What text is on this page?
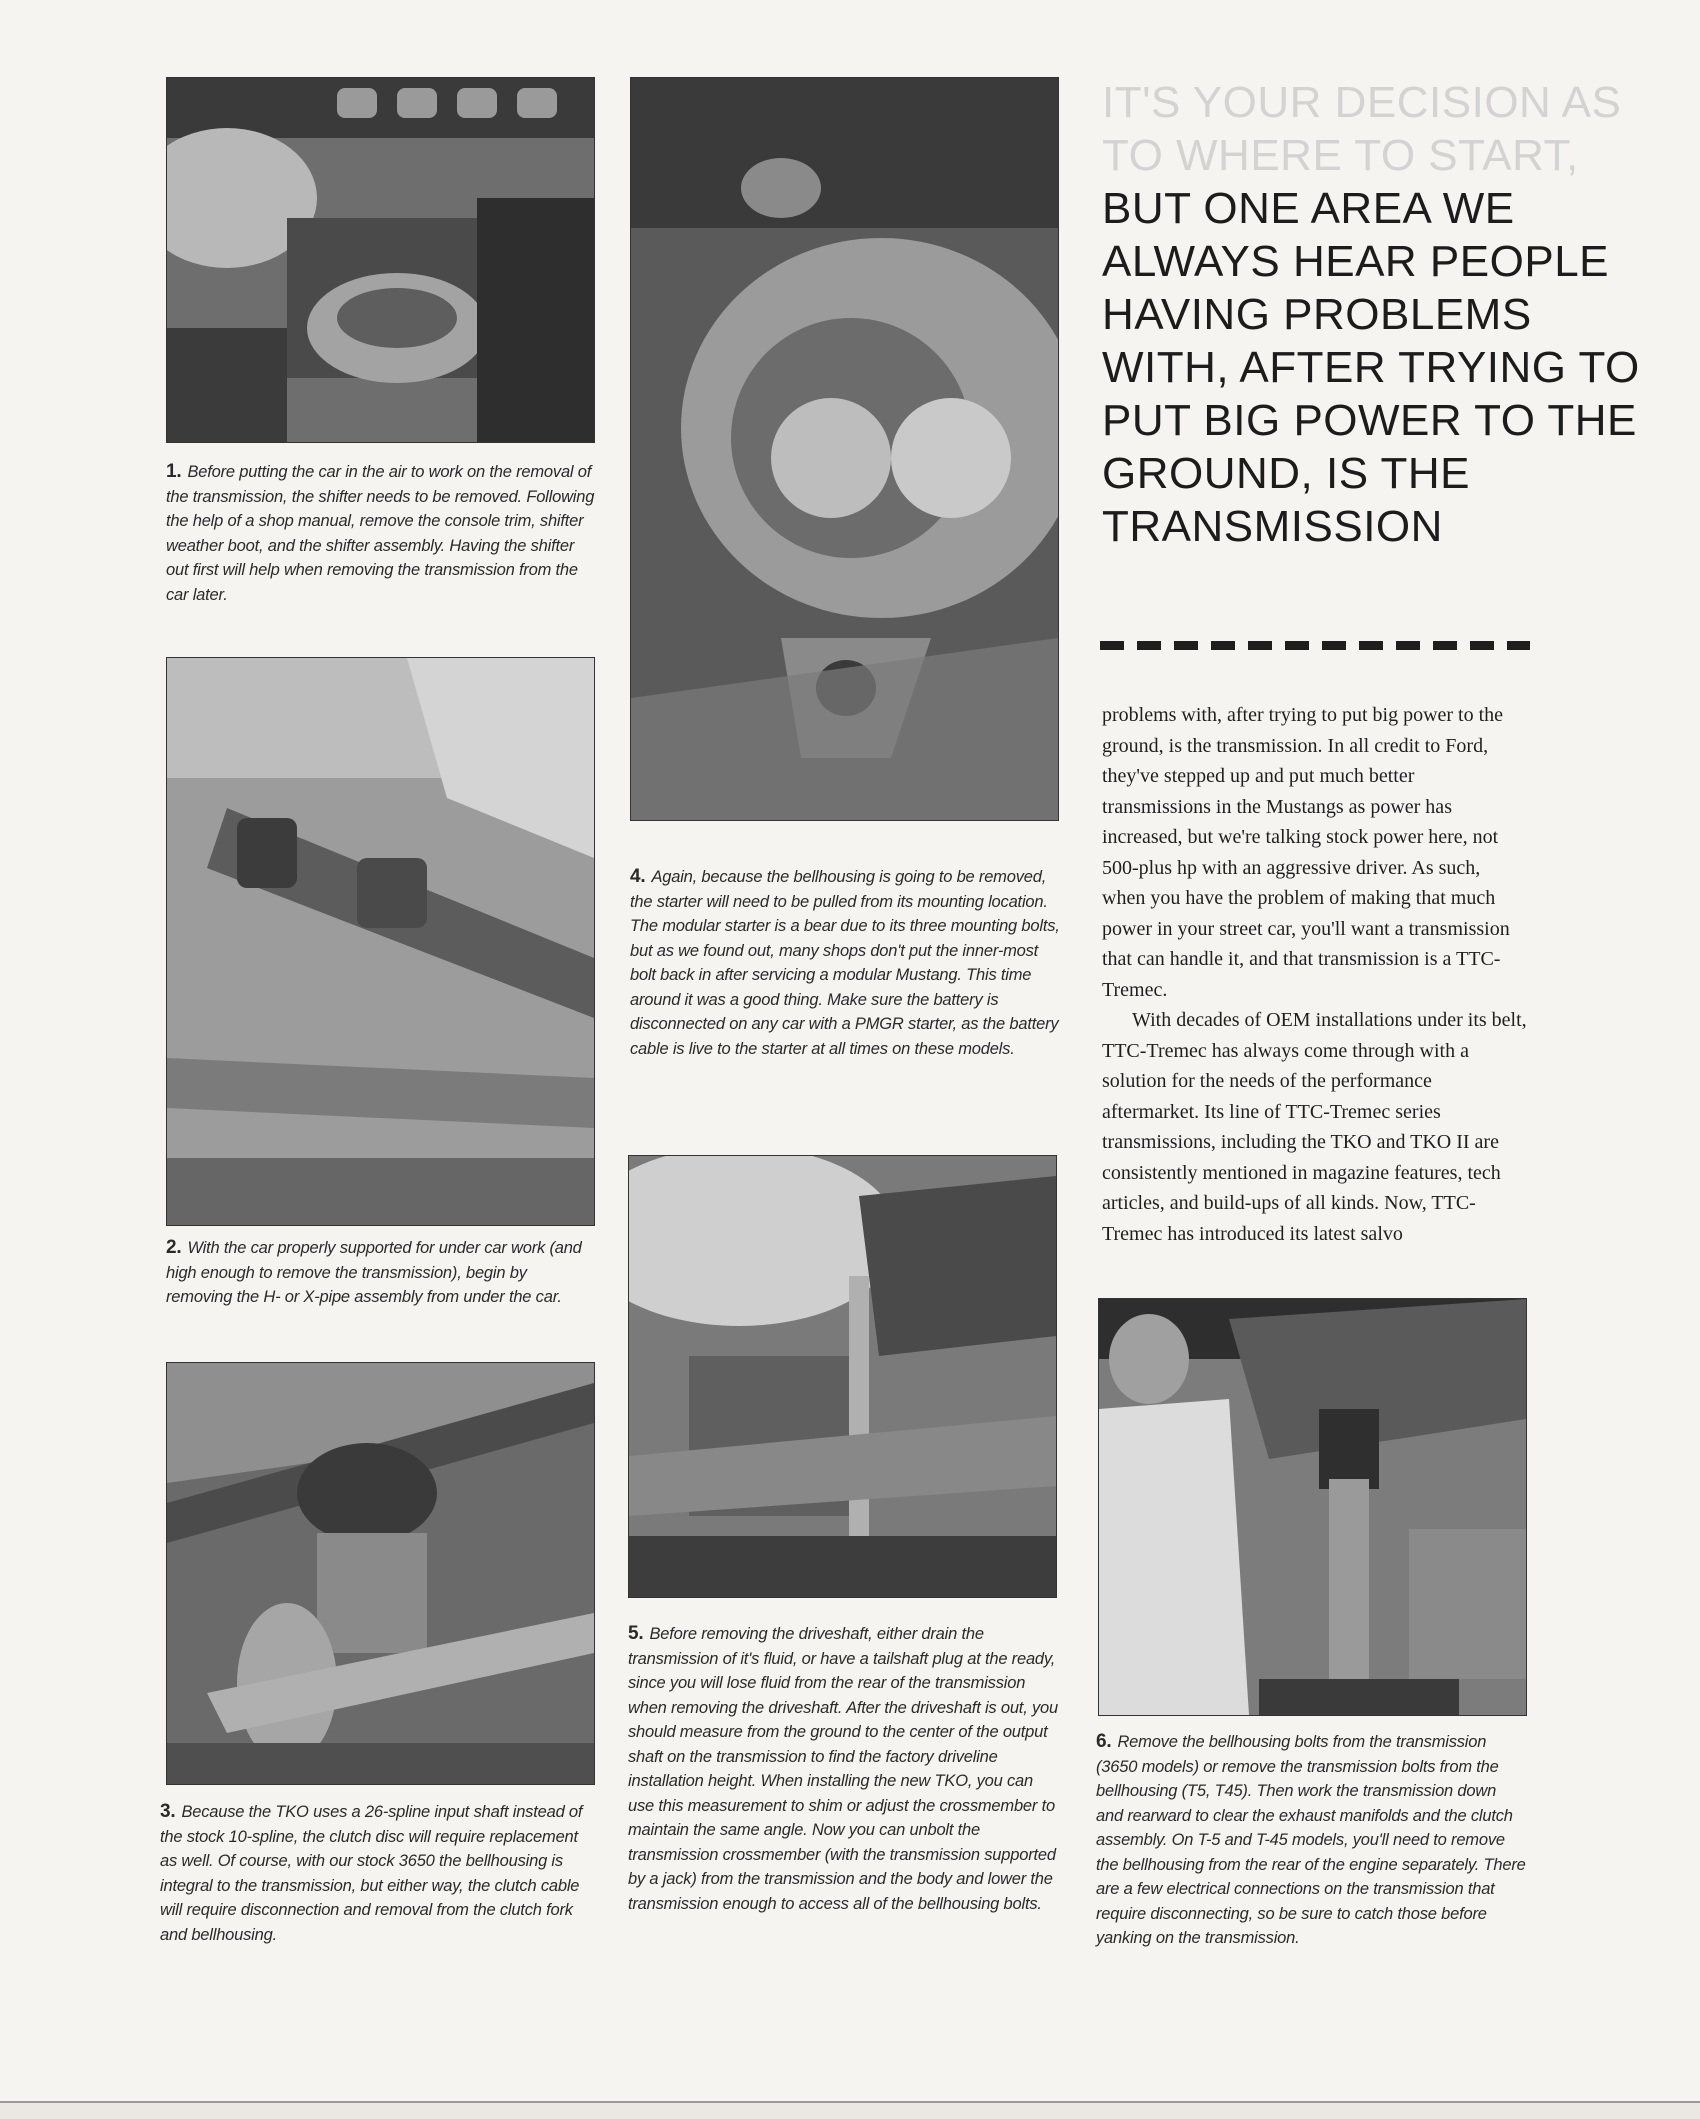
1. Before putting the car in the air to work on the removal of the transmission, the shifter needs to be removed. Following the help of a shop manual, remove the console trim, shifter weather boot, and the shifter assembly. Having the shifter out first will help when removing the transmission from the car later.
2. With the car properly supported for under car work (and high enough to remove the transmission), begin by removing the H- or X-pipe assembly from under the car.
3. Because the TKO uses a 26-spline input shaft instead of the stock 10-spline, the clutch disc will require replacement as well. Of course, with our stock 3650 the bellhousing is integral to the transmission, but either way, the clutch cable will require disconnection and removal from the clutch fork and bellhousing.
4. Again, because the bellhousing is going to be removed, the starter will need to be pulled from its mounting location. The modular starter is a bear due to its three mounting bolts, but as we found out, many shops don't put the inner-most bolt back in after servicing a modular Mustang. This time around it was a good thing. Make sure the battery is disconnected on any car with a PMGR starter, as the battery cable is live to the starter at all times on these models.
5. Before removing the driveshaft, either drain the transmission of it's fluid, or have a tailshaft plug at the ready, since you will lose fluid from the rear of the transmission when removing the driveshaft. After the driveshaft is out, you should measure from the ground to the center of the output shaft on the transmission to find the factory driveline installation height. When installing the new TKO, you can use this measurement to shim or adjust the crossmember to maintain the same angle. Now you can unbolt the transmission crossmember (with the transmission supported by a jack) from the transmission and the body and lower the transmission enough to access all of the bellhousing bolts.
IT'S YOUR DECISION AS TO WHERE TO START, BUT ONE AREA WE ALWAYS HEAR PEOPLE HAVING PROBLEMS WITH, AFTER TRYING TO PUT BIG POWER TO THE GROUND, IS THE TRANSMISSION

problems with, after trying to put big power to the ground, is the transmission. In all credit to Ford, they've stepped up and put much better transmissions in the Mustangs as power has increased, but we're talking stock power here, not 500-plus hp with an aggressive driver. As such, when you have the problem of making that much power in your street car, you'll want a transmission that can handle it, and that transmission is a TTC-Tremec.

With decades of OEM installations under its belt, TTC-Tremec has always come through with a solution for the needs of the performance aftermarket. Its line of TTC-Tremec series transmissions, including the TKO and TKO II are consistently mentioned in magazine features, tech articles, and build-ups of all kinds. Now, TTC-Tremec has introduced its latest salvo

6. Remove the bellhousing bolts from the transmission (3650 models) or remove the transmission bolts from the bellhousing (T5, T45). Then work the transmission down and rearward to clear the exhaust manifolds and the clutch assembly. On T-5 and T-45 models, you'll need to remove the bellhousing from the rear of the engine separately. There are a few electrical connections on the transmission that require disconnecting, so be sure to catch those before yanking on the transmission.
